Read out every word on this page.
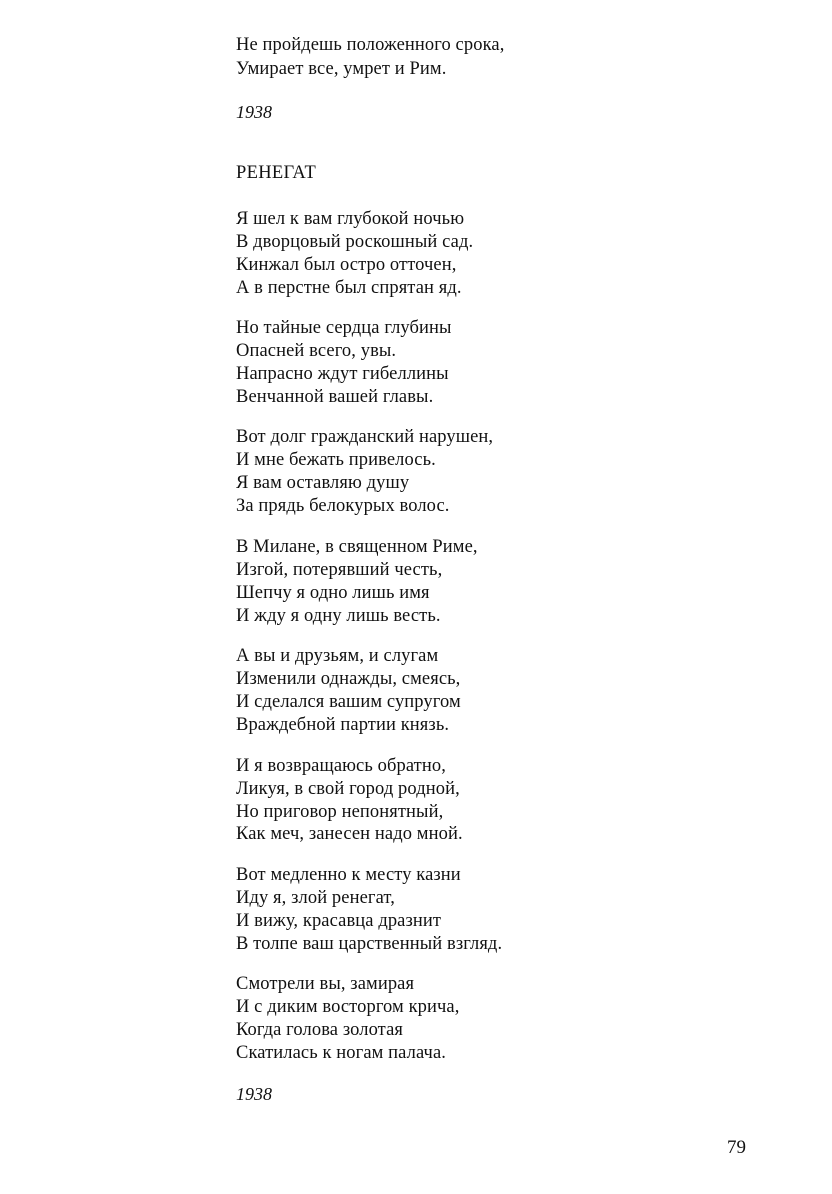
Не пройдешь положенного срока,
Умирает все, умрет и Рим.
1938
РЕНЕГАТ
Я шел к вам глубокой ночью
В дворцовый роскошный сад.
Кинжал был остро отточен,
А в перстне был спрятан яд.
Но тайные сердца глубины
Опасней всего, увы.
Напрасно ждут гибеллины
Венчанной вашей главы.
Вот долг гражданский нарушен,
И мне бежать привелось.
Я вам оставляю душу
За прядь белокурых волос.
В Милане, в священном Риме,
Изгой, потерявший честь,
Шепчу я одно лишь имя
И жду я одну лишь весть.
А вы и друзьям, и слугам
Изменили однажды, смеясь,
И сделался вашим супругом
Враждебной партии князь.
И я возвращаюсь обратно,
Ликуя, в свой город родной,
Но приговор непонятный,
Как меч, занесен надо мной.
Вот медленно к месту казни
Иду я, злой ренегат,
И вижу, красавца дразнит
В толпе ваш царственный взгляд.
Смотрели вы, замирая
И с диким восторгом крича,
Когда голова золотая
Скатилась к ногам палача.
1938
79
